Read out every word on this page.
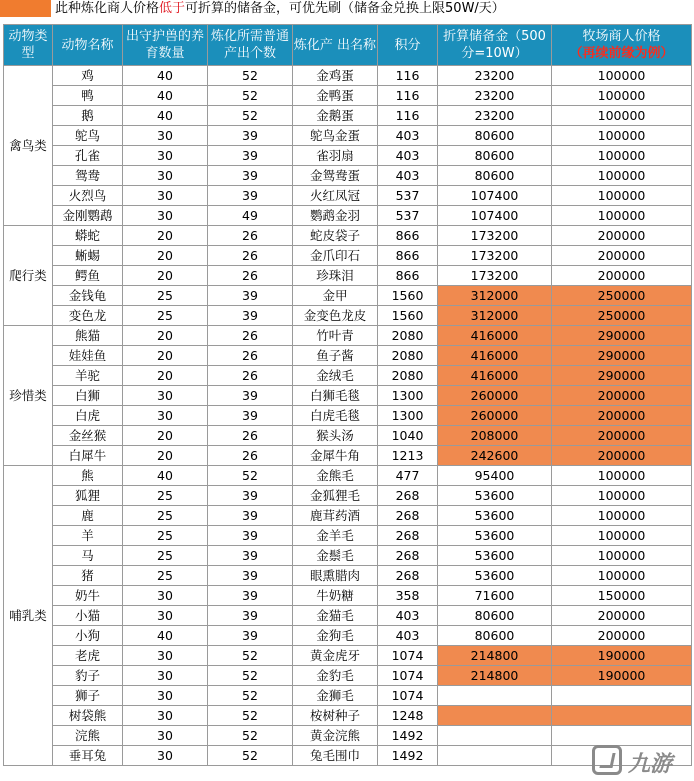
此种炼化商人价格低于可折算的储备金，可优先刷（储备金兑换上限50W/天）
动物类型	动物名称	出守护兽的养育数量	炼化所需普通产出个数	炼化产 出名称	积分	折算储备金（500分=10W）	牧场商人价格
（再续前缘为例）
禽鸟类	鸡	40	52	金鸡蛋	116	23200	100000
	鸭	40	52	金鸭蛋	116	23200	100000
	鹅	40	52	金鹅蛋	116	23200	100000
	鸵鸟	30	39	鸵鸟金蛋	403	80600	100000
	孔雀	30	39	雀羽扇	403	80600	100000
	鸳鸯	30	39	金鸳鸯蛋	403	80600	100000
	火烈鸟	30	39	火红凤冠	537	107400	100000
	金刚鹦鹉	30	49	鹦鹉金羽	537	107400	100000
爬行类	蟒蛇	20	26	蛇皮袋子	866	173200	200000
	蜥蜴	20	26	金爪印石	866	173200	200000
	鳄鱼	20	26	珍珠泪	866	173200	200000
	金钱龟	25	39	金甲	1560	312000	250000
	变色龙	25	39	金变色龙皮	1560	312000	250000
珍惜类	熊猫	20	26	竹叶青	2080	416000	290000
	娃娃鱼	20	26	鱼子酱	2080	416000	290000
	羊驼	20	26	金绒毛	2080	416000	290000
	白狮	30	39	白狮毛毯	1300	260000	200000
	白虎	30	39	白虎毛毯	1300	260000	200000
	金丝猴	20	26	猴头汤	1040	208000	200000
	白犀牛	20	26	金犀牛角	1213	242600	200000
哺乳类	熊	40	52	金熊毛	477	95400	100000
	狐狸	25	39	金狐狸毛	268	53600	100000
	鹿	25	39	鹿茸药酒	268	53600	100000
	羊	25	39	金羊毛	268	53600	100000
	马	25	39	金鬃毛	268	53600	100000
	猪	25	39	眼熏腊肉	268	53600	100000
	奶牛	30	39	牛奶糖	358	71600	150000
	小猫	30	39	金猫毛	403	80600	200000
	小狗	40	39	金狗毛	403	80600	200000
	老虎	30	52	黄金虎牙	1074	214800	190000
	豹子	30	52	金豹毛	1074	214800	190000
	狮子	30	52	金狮毛	1074		
	树袋熊	30	52	桉树种子	1248		
	浣熊	30	52	黄金浣熊	1492		
	垂耳兔	30	52	兔毛围巾	1492			九游
